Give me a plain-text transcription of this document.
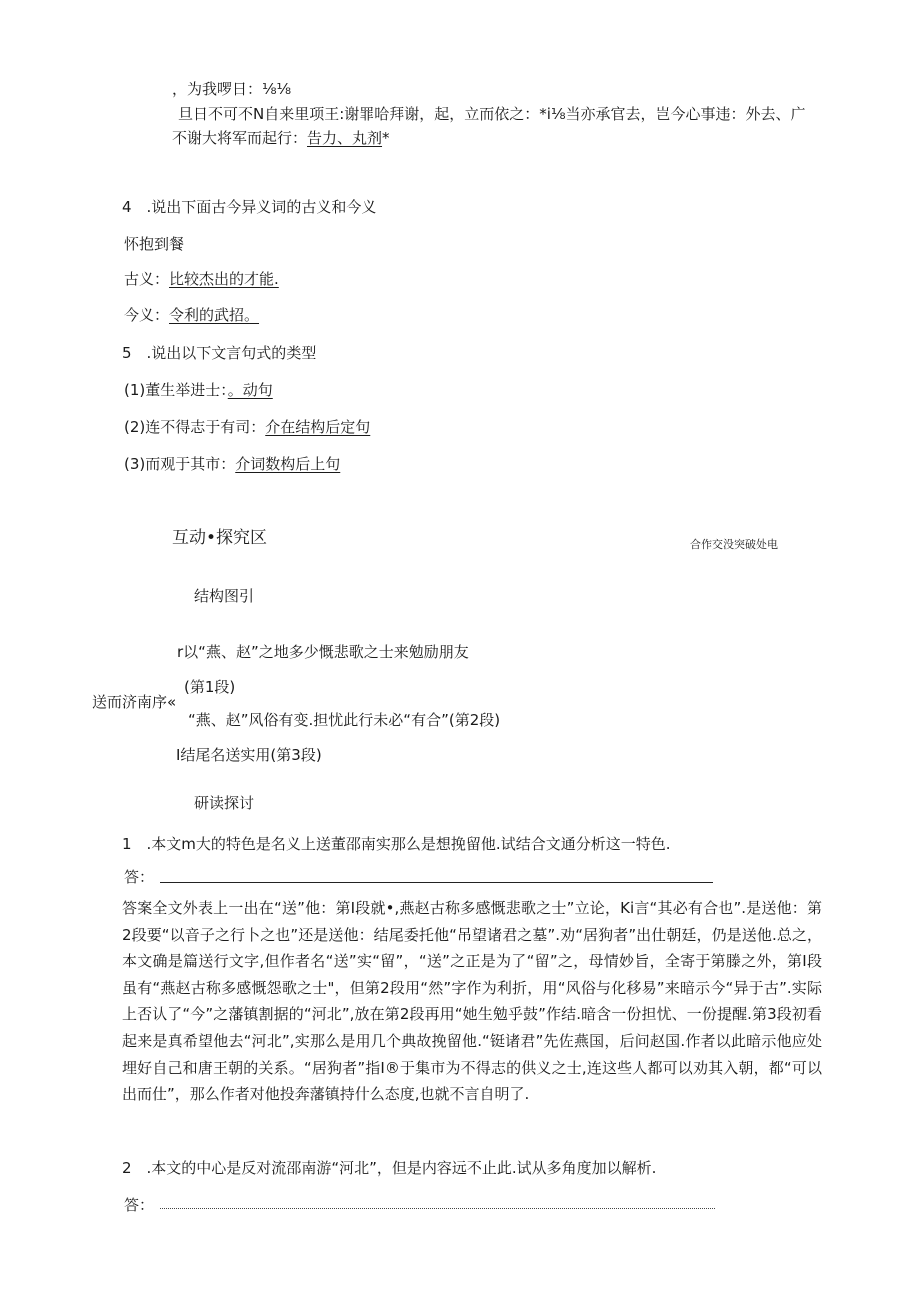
，为我啰日：⅛⅛
旦日不可不N自来里项王:谢罪哈拜谢，起，立而依之：*i⅛当亦承官去，岂今心事违：外去、广
不谢大将军而起行：告力、丸剂*
4　.说出下面古今异义词的古义和今义
怀抱到餐
古义：比较杰出的才能.
今义：令利的武招。
5　.说出以下文言句式的类型
(1)董生举进士：。动句
(2)连不得志于有司：介在结构后定句
(3)而观于其市：介词数构后上句
互动•探究区	合作交没突破处电
结构图引
r以“燕、赵”之地多少慨悲歌之士来勉励朋友
(第1段)
送而济南序«
“燕、赵”风俗有变.担忧此行未必“有合”(第2段)
I结尾名送实用(第3段)
研读探讨
1　.本文m大的特色是名义上送董邵南实那么是想挽留他.试结合文通分析这一特色.
答：
答案全文外表上一出在“送”他：第I段就•,燕赵古称多感慨悲歌之士”立论，Ki言“其必有合也”.是送他：第2段要“以音子之行卜之也”还是送他：结尾委托他“吊望诸君之墓”.劝“居狗者”出仕朝廷，仍是送他.总之，本文确是篇送行文字,但作者名“送”实“留”，“送”之正是为了“留”之，母情妙旨，全寄于第滕之外，第I段虽有“燕赵古称多感慨怨歌之士"，但第2段用“然”字作为利折，用“风俗与化移易”来暗示今“异于古”.实际上否认了“今”之藩镇割据的“河北”,放在第2段再用“她生勉乎鼓”作结.暗含一份担忧、一份提醒.第3段初看起来是真希望他去“河北”,实那么是用几个典故挽留他.“铤诸君”先佐燕国，后问赵国.作者以此暗示他应处埋好自己和唐王朝的关系。“居狗者”指I®于集市为不得志的供义之士,连这些人都可以劝其入朝，都“可以出而仕”，那么作者对他投奔藩镇持什么态度,也就不言自明了.
2　.本文的中心是反对流邵南游“河北”，但是内容远不止此.试从多角度加以解析.
答：
